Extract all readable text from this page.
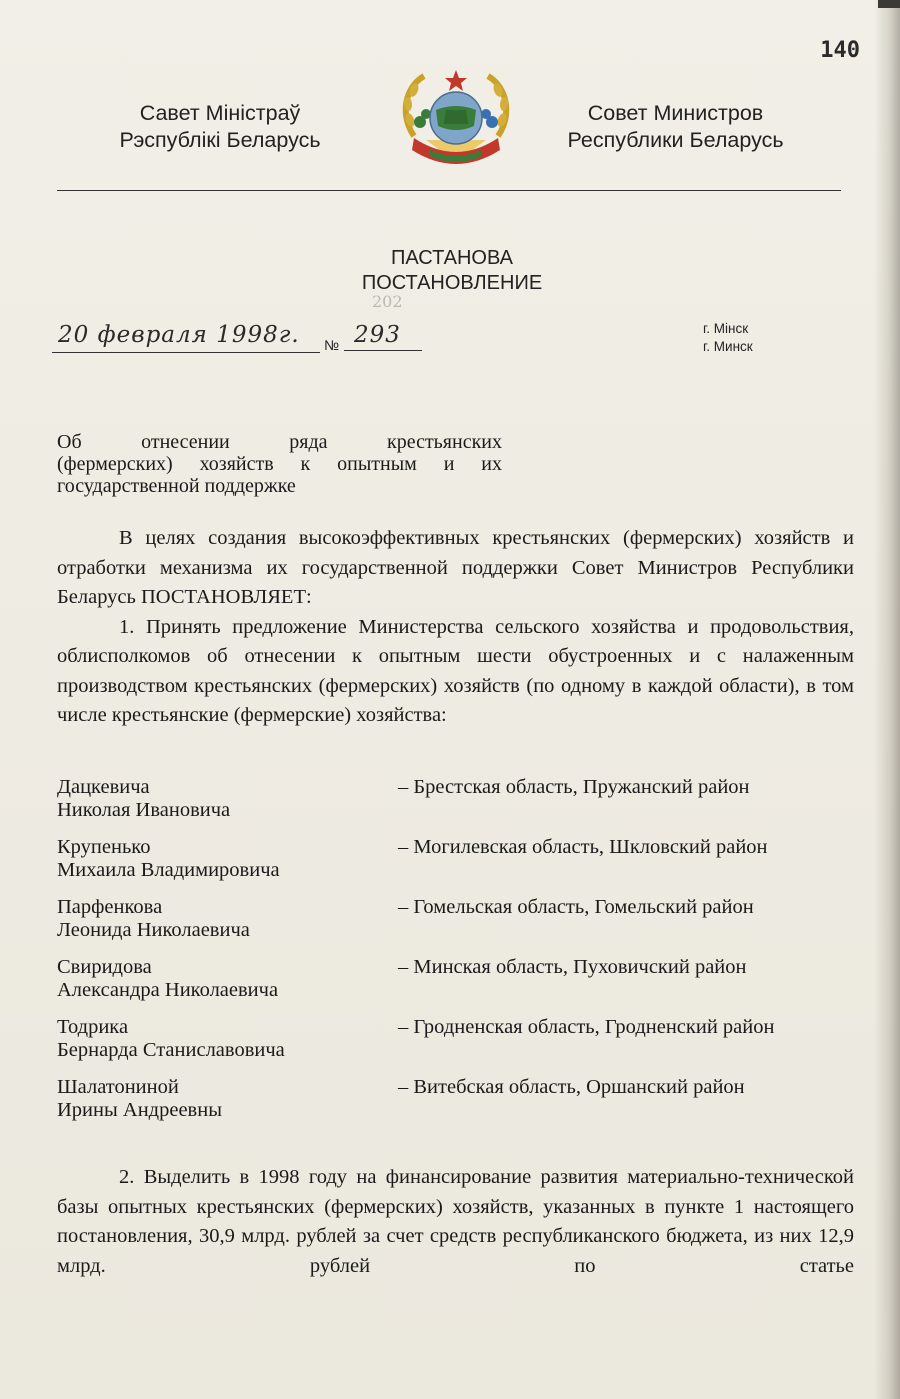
140
Савет Міністраў
Рэспублікі Беларусь
Совет Министров
Республики Беларусь
ПАСТАНОВА
ПОСТАНОВЛЕНИЕ
202
20 февраля 1998г. № 293	г. Мінск
г. Минск
Об отнесении ряда крестьянских
(фермерских) хозяйств к опытным и их
государственной поддержке

В целях создания высокоэффективных крестьянских (фермерских) хозяйств и отработки механизма их государственной поддержки Совет Министров Республики Беларусь ПОСТАНОВЛЯЕТ:

1. Принять предложение Министерства сельского хозяйства и продовольствия, облисполкомов об отнесении к опытным шести обустроенных и с налаженным производством крестьянских (фермерских) хозяйств (по одному в каждой области), в том числе крестьянские (фермерские) хозяйства:

Дацкевича
Николая Ивановича
– Брестская область, Пружанский район
Крупенько
Михаила Владимировича
– Могилевская область, Шкловский район
Парфенкова
Леонида Николаевича
– Гомельская область, Гомельский район
Свиридова
Александра Николаевича
– Минская область, Пуховичский район
Тодрика
Бернарда Станиславовича
– Гродненская область, Гродненский район
Шалатониной
Ирины Андреевны
– Витебская область, Оршанский район

2. Выделить в 1998 году на финансирование развития материально-технической базы опытных крестьянских (фермерских) хозяйств, указанных в пункте 1 настоящего постановления, 30,9 млрд. рублей за счет средств республиканского бюджета, из них 12,9 млрд. рублей по статье
